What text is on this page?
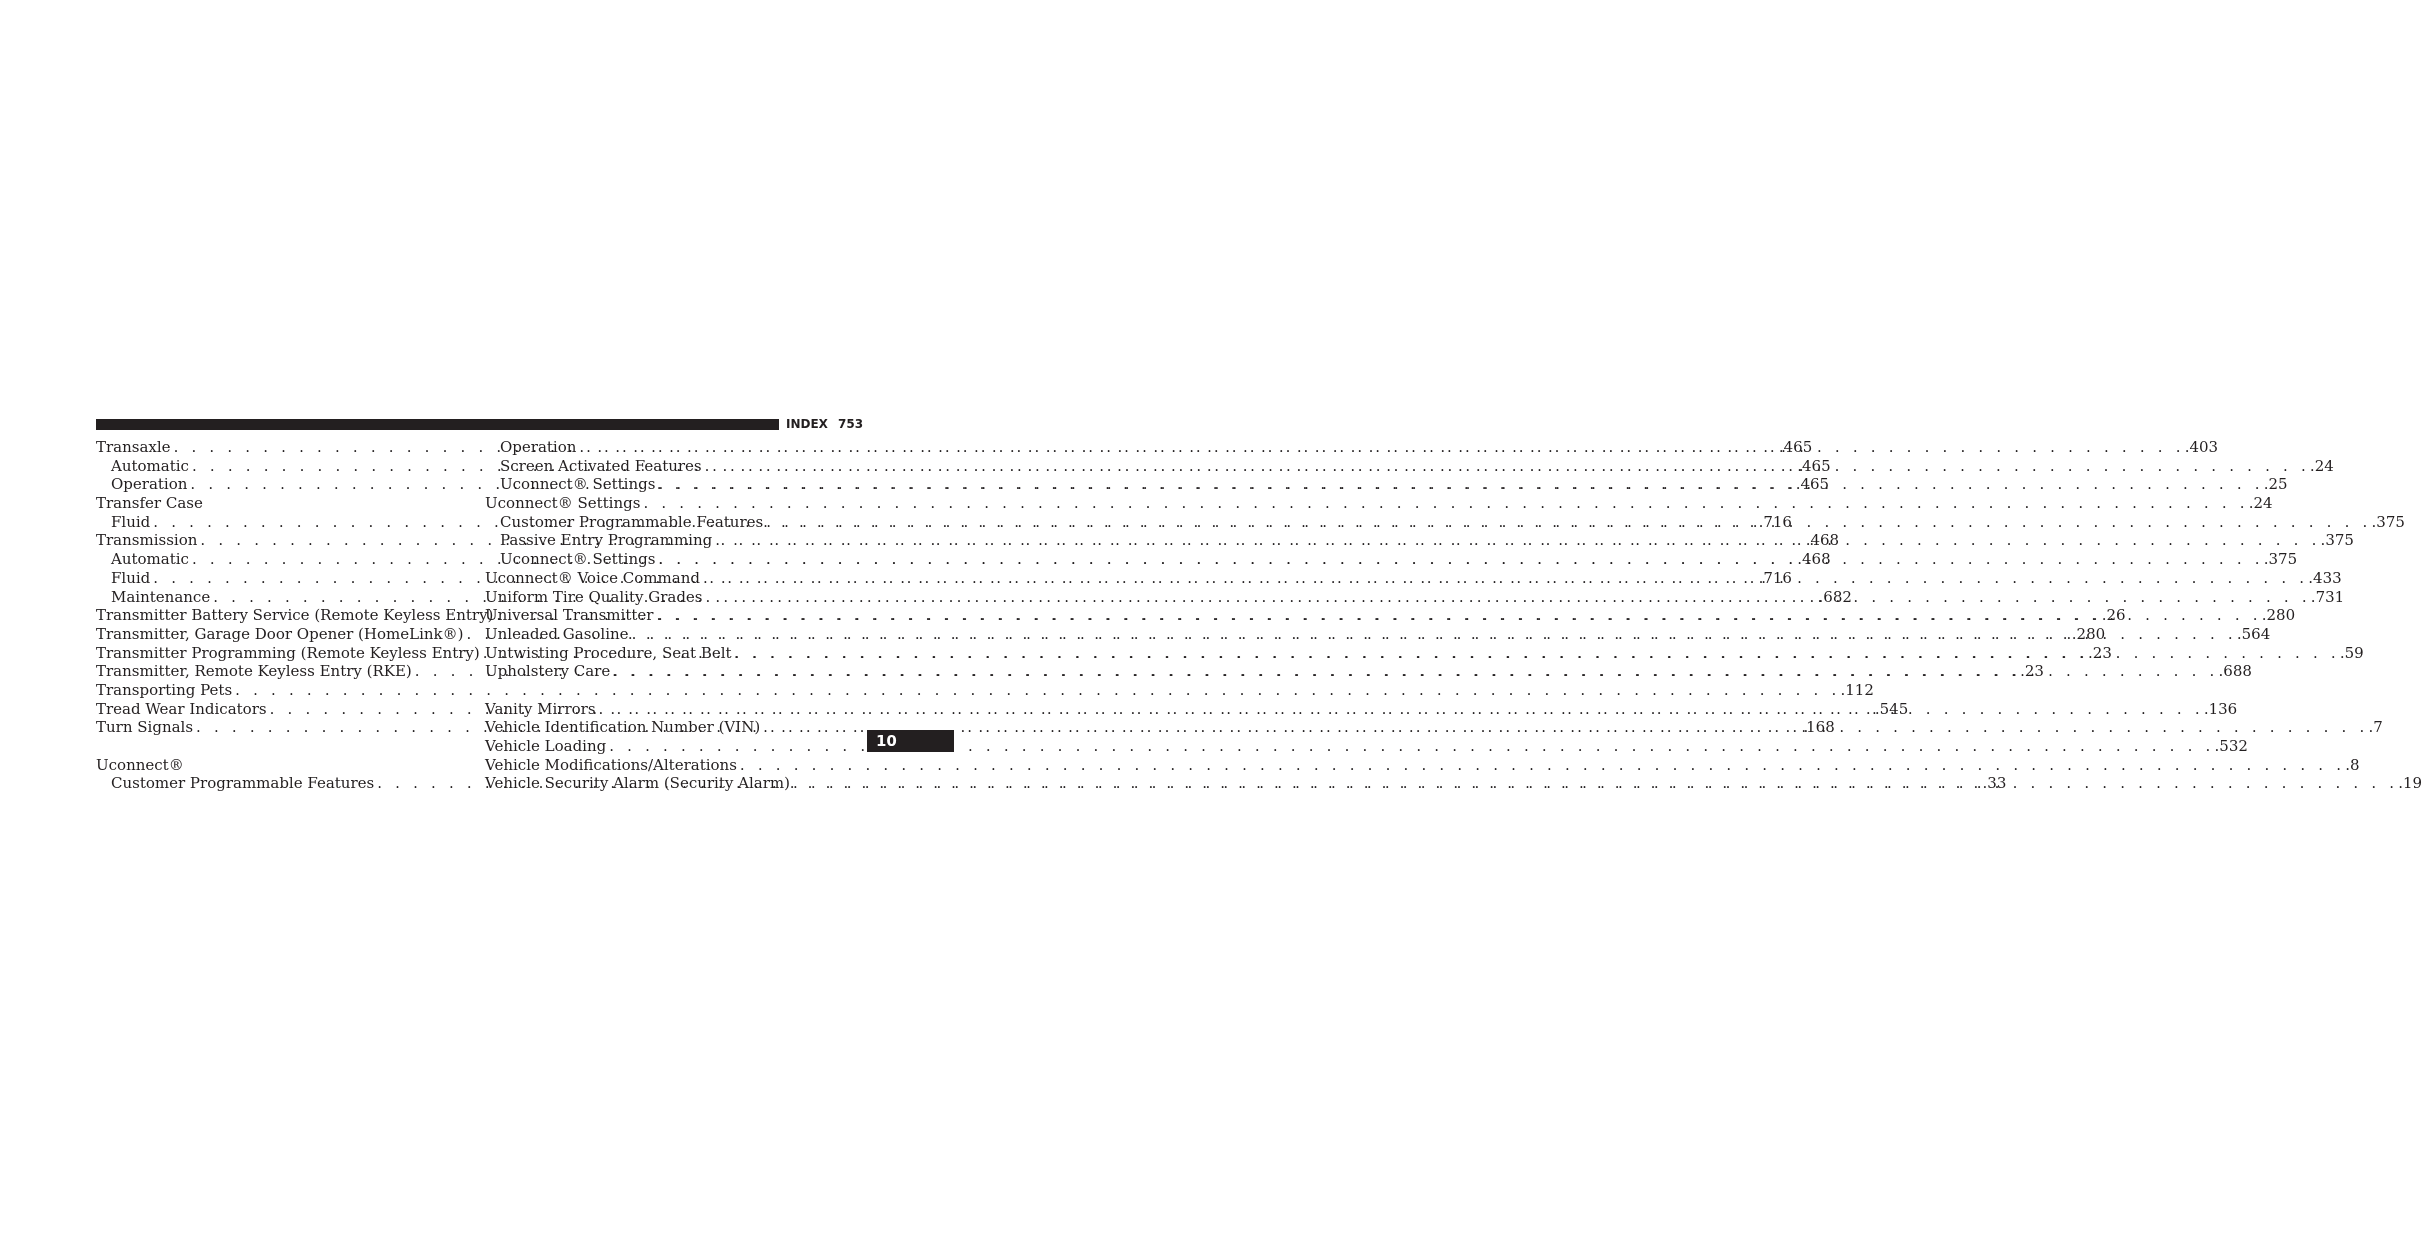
INDEX 753
Transaxle . . .	.465
Automatic . . .	.465
Operation . . .	.465
Transfer Case
Fluid . . .	.716
Transmission . . .	.468
Automatic . . .	.468
Fluid . . .	.716
Maintenance . . .	.682
Transmitter Battery Service (Remote Keyless Entry) . . .	.26
Transmitter, Garage Door Opener (HomeLink®) . . .	.280
Transmitter Programming (Remote Keyless Entry) . . .	.23
Transmitter, Remote Keyless Entry (RKE) . . .	.23
Transporting Pets . . .	.112
Tread Wear Indicators . . .	.545
Turn Signals . . .	.168
Uconnect®
Customer Programmable Features . . .	.33
Operation . . .	.403
Screen Activated Features . . .	.24
Uconnect® Settings . . .	.25
Uconnect® Settings . . .	.24
Customer Programmable Features . . .	.375
Passive Entry Programming . . .	.375
Uconnect® Settings . . .	.375
Uconnect® Voice Command . . .	.433
Uniform Tire Quality Grades . . .	.731
Universal Transmitter . . .	.280
Unleaded Gasoline . . .	.564
Untwisting Procedure, Seat Belt . . .	.59
Upholstery Care . . .	.688
Vanity Mirrors . . .	.136
Vehicle Identification Number (VIN) . . .	.7
Vehicle Loading . . .	.532
Vehicle Modifications/Alterations . . .	.8
Vehicle Security Alarm (Security Alarm) . . .	.19
10
